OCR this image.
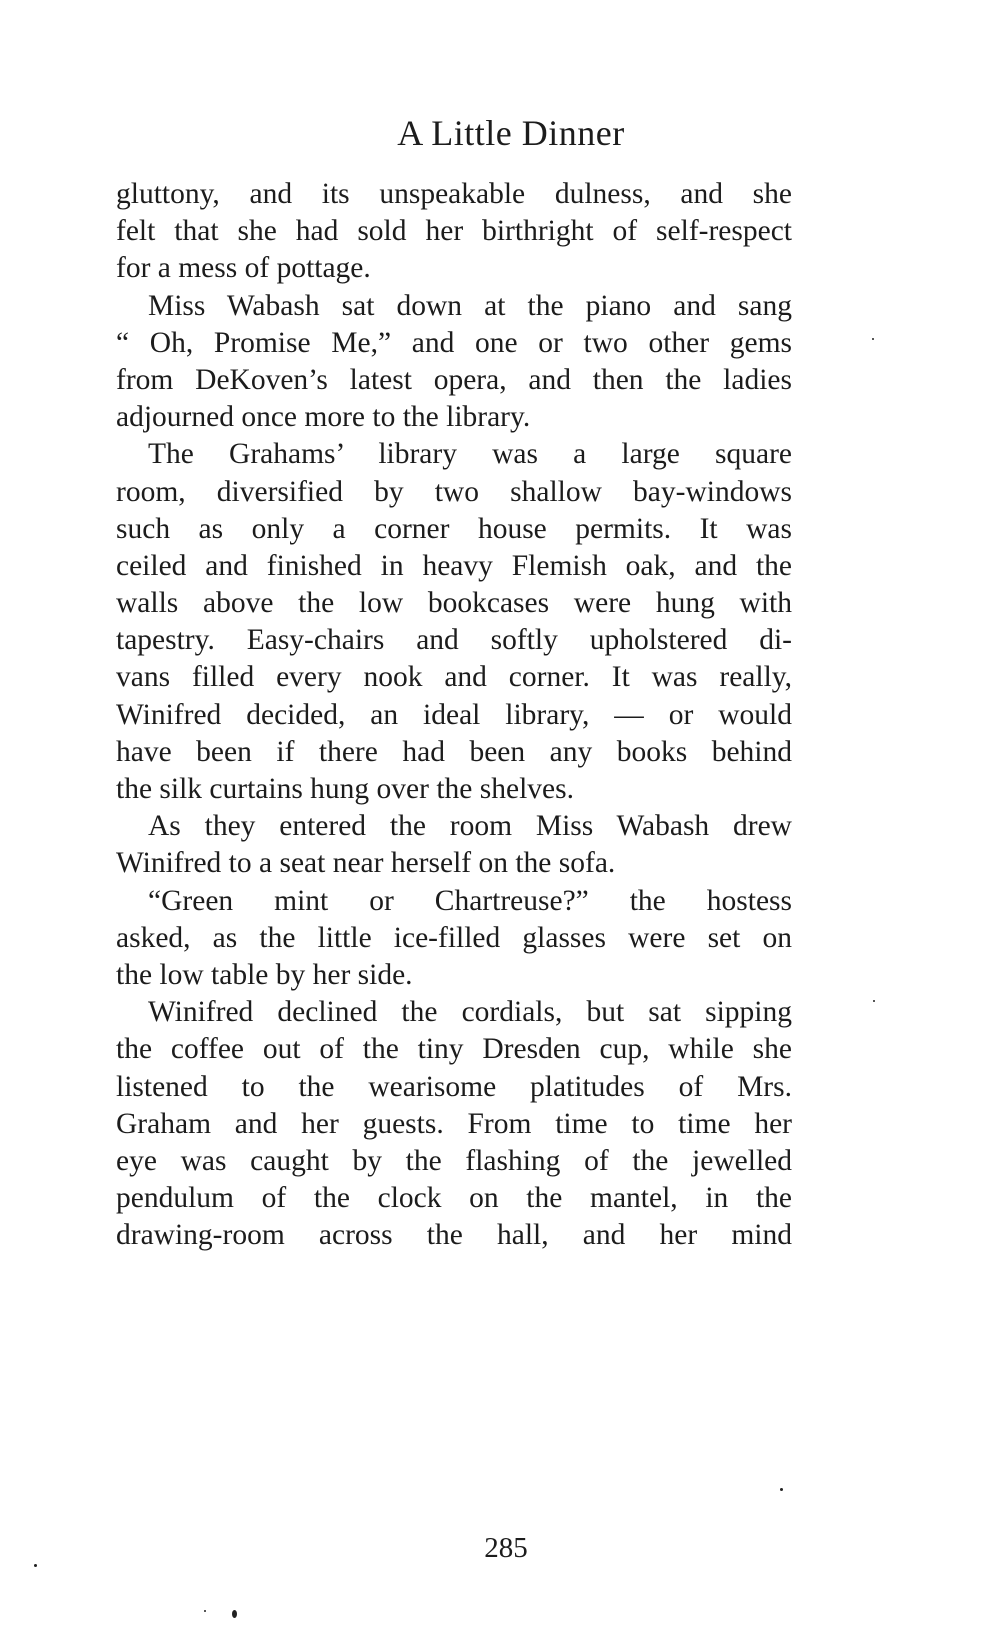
A Little Dinner
gluttony, and its unspeakable dulness, and she
felt that she had sold her birthright of self-respect
for a mess of pottage.
Miss Wabash sat down at the piano and sang
“ Oh, Promise Me,” and one or two other gems
from DeKoven’s latest opera, and then the ladies
adjourned once more to the library.
The Grahams’ library was a large square
room, diversified by two shallow bay-windows
such as only a corner house permits. It was
ceiled and finished in heavy Flemish oak, and the
walls above the low bookcases were hung with
tapestry. Easy-chairs and softly upholstered di-
vans filled every nook and corner. It was really,
Winifred decided, an ideal library, — or would
have been if there had been any books behind
the silk curtains hung over the shelves.
As they entered the room Miss Wabash drew
Winifred to a seat near herself on the sofa.
“Green mint or Chartreuse?” the hostess
asked, as the little ice-filled glasses were set on
the low table by her side.
Winifred declined the cordials, but sat sipping
the coffee out of the tiny Dresden cup, while she
listened to the wearisome platitudes of Mrs.
Graham and her guests. From time to time her
eye was caught by the flashing of the jewelled
pendulum of the clock on the mantel, in the
drawing-room across the hall, and her mind
285
